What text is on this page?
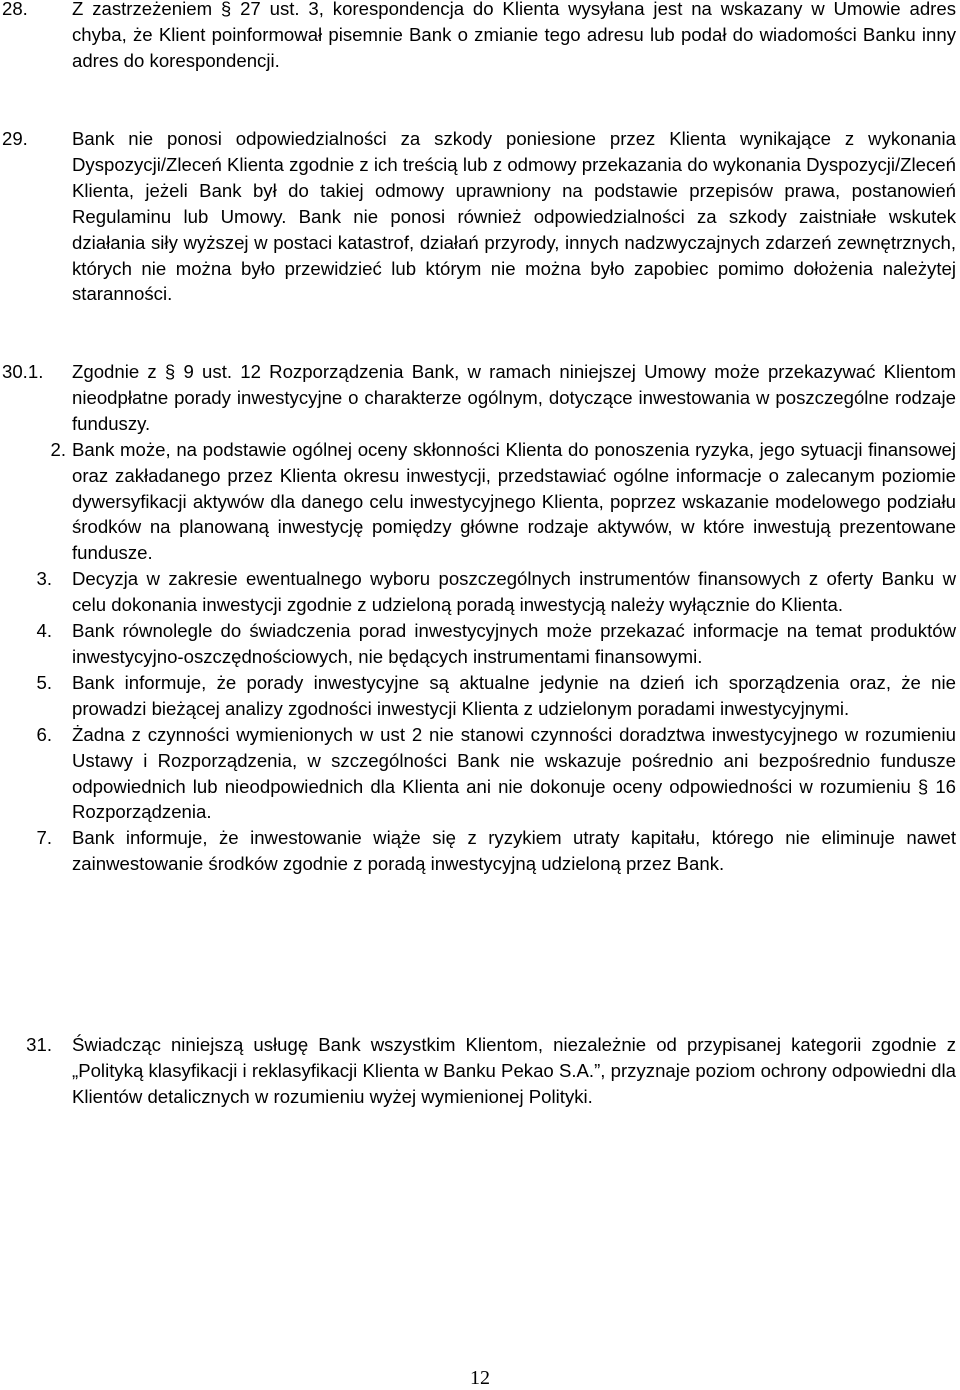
28.	Z zastrzeżeniem § 27 ust. 3, korespondencja do Klienta wysyłana jest na wskazany w Umowie adres chyba, że Klient poinformował pisemnie Bank o zmianie tego adresu lub podał do wiadomości Banku inny adres do korespondencji.
29.	Bank nie ponosi odpowiedzialności za szkody poniesione przez Klienta wynikające z wykonania Dyspozycji/Zleceń Klienta zgodnie z ich treścią lub z odmowy przekazania do wykonania Dyspozycji/Zleceń Klienta, jeżeli Bank był do takiej odmowy uprawniony na podstawie przepisów prawa, postanowień Regulaminu lub Umowy. Bank nie ponosi również odpowiedzialności za szkody zaistniałe wskutek działania siły wyższej w postaci katastrof, działań przyrody, innych nadzwyczajnych zdarzeń zewnętrznych, których nie można było przewidzieć lub którym nie można było zapobiec pomimo dołożenia należytej staranności.
30.1.	Zgodnie z § 9 ust. 12 Rozporządzenia Bank, w ramach niniejszej Umowy może przekazywać Klientom nieodpłatne porady inwestycyjne o charakterze ogólnym, dotyczące inwestowania w poszczególne rodzaje funduszy.
2. Bank może, na podstawie ogólnej oceny skłonności Klienta do ponoszenia ryzyka, jego sytuacji finansowej oraz zakładanego przez Klienta okresu inwestycji, przedstawiać ogólne informacje o zalecanym poziomie dywersyfikacji aktywów dla danego celu inwestycyjnego Klienta, poprzez wskazanie modelowego podziału środków na planowaną inwestycję pomiędzy główne rodzaje aktywów, w które inwestują prezentowane fundusze.
3. Decyzja w zakresie ewentualnego wyboru poszczególnych instrumentów finansowych z oferty Banku w celu dokonania inwestycji zgodnie z udzieloną poradą inwestycją należy wyłącznie do Klienta.
4. Bank równolegle do świadczenia porad inwestycyjnych może przekazać informacje na temat produktów inwestycyjno-oszczędnościowych, nie będących instrumentami finansowymi.
5. Bank informuje, że porady inwestycyjne są aktualne jedynie na dzień ich sporządzenia oraz, że nie prowadzi bieżącej analizy zgodności inwestycji Klienta z udzielonym poradami inwestycyjnymi.
6. Żadna z czynności wymienionych w ust 2 nie stanowi czynności doradztwa inwestycyjnego w rozumieniu Ustawy i Rozporządzenia, w szczególności Bank nie wskazuje pośrednio ani bezpośrednio fundusze odpowiednich lub nieodpowiednich dla Klienta ani nie dokonuje oceny odpowiedności w rozumieniu § 16 Rozporządzenia.
7. Bank informuje, że inwestowanie wiąże się z ryzykiem utraty kapitału, którego nie eliminuje nawet zainwestowanie środków zgodnie z poradą inwestycyjną udzieloną przez Bank.
31. Świadcząc niniejszą usługę Bank wszystkim Klientom, niezależnie od przypisanej kategorii zgodnie z „Polityką klasyfikacji i reklasyfikacji Klienta w Banku Pekao S.A.”, przyznaje poziom ochrony odpowiedni dla Klientów detalicznych w rozumieniu wyżej wymienionej Polityki.
12
